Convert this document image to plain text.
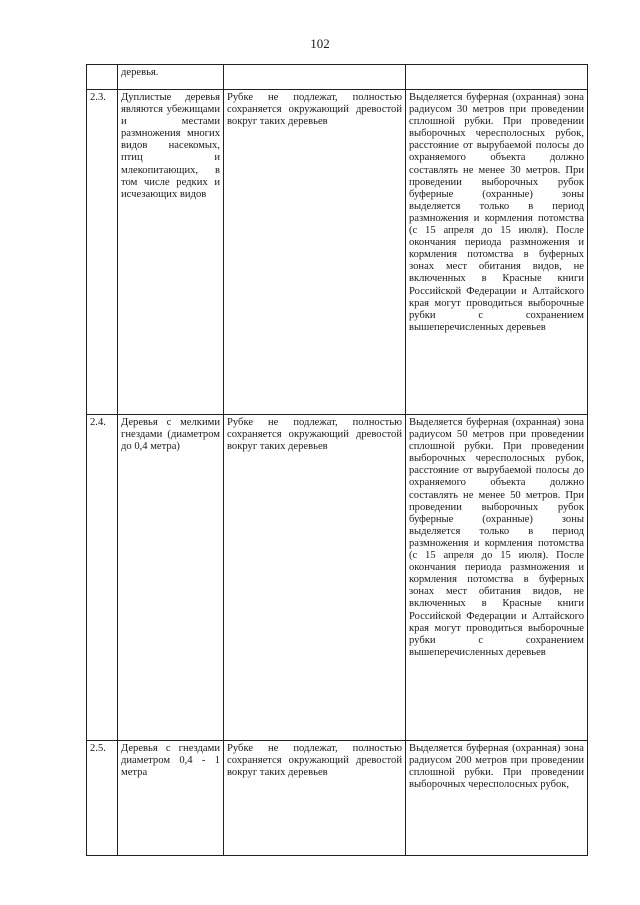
102

	деревья.		

2.3.	Дуплистые деревья являются убежищами и местами размножения многих видов насекомых, птиц и млекопитающих, в том числе редких и исчезающих видов	Рубке не подлежат, полностью сохраняется окружающий древостой вокруг таких деревьев	Выделяется буферная (охранная) зона радиусом 30 метров при проведении сплошной рубки. При проведении выборочных чересполосных рубок, расстояние от вырубаемой полосы до охраняемого объекта должно составлять не менее 30 метров. При проведении выборочных рубок буферные (охранные) зоны выделяется только в период размножения и кормления потомства (с 15 апреля до 15 июля). После окончания периода размножения и кормления потомства в буферных зонах мест обитания видов, не включенных в Красные книги Российской Федерации и Алтайского края могут проводиться выборочные рубки с сохранением вышеперечисленных деревьев

2.4.	Деревья с мелкими гнездами (диаметром до 0,4 метра)	Рубке не подлежат, полностью сохраняется окружающий древостой вокруг таких деревьев	Выделяется буферная (охранная) зона радиусом 50 метров при проведении сплошной рубки. При проведении выборочных чересполосных рубок, расстояние от вырубаемой полосы до охраняемого объекта должно составлять не менее 50 метров. При проведении выборочных рубок буферные (охранные) зоны выделяется только в период размножения и кормления потомства (с 15 апреля до 15 июля). После окончания периода размножения и кормления потомства в буферных зонах мест обитания видов, не включенных в Красные книги Российской Федерации и Алтайского края могут проводиться выборочные рубки с сохранением вышеперечисленных деревьев

2.5.	Деревья с гнездами диаметром 0,4 - 1 метра	Рубке не подлежат, полностью сохраняется окружающий древостой вокруг таких деревьев	Выделяется буферная (охранная) зона радиусом 200 метров при проведении сплошной рубки. При проведении выборочных чересполосных рубок,
